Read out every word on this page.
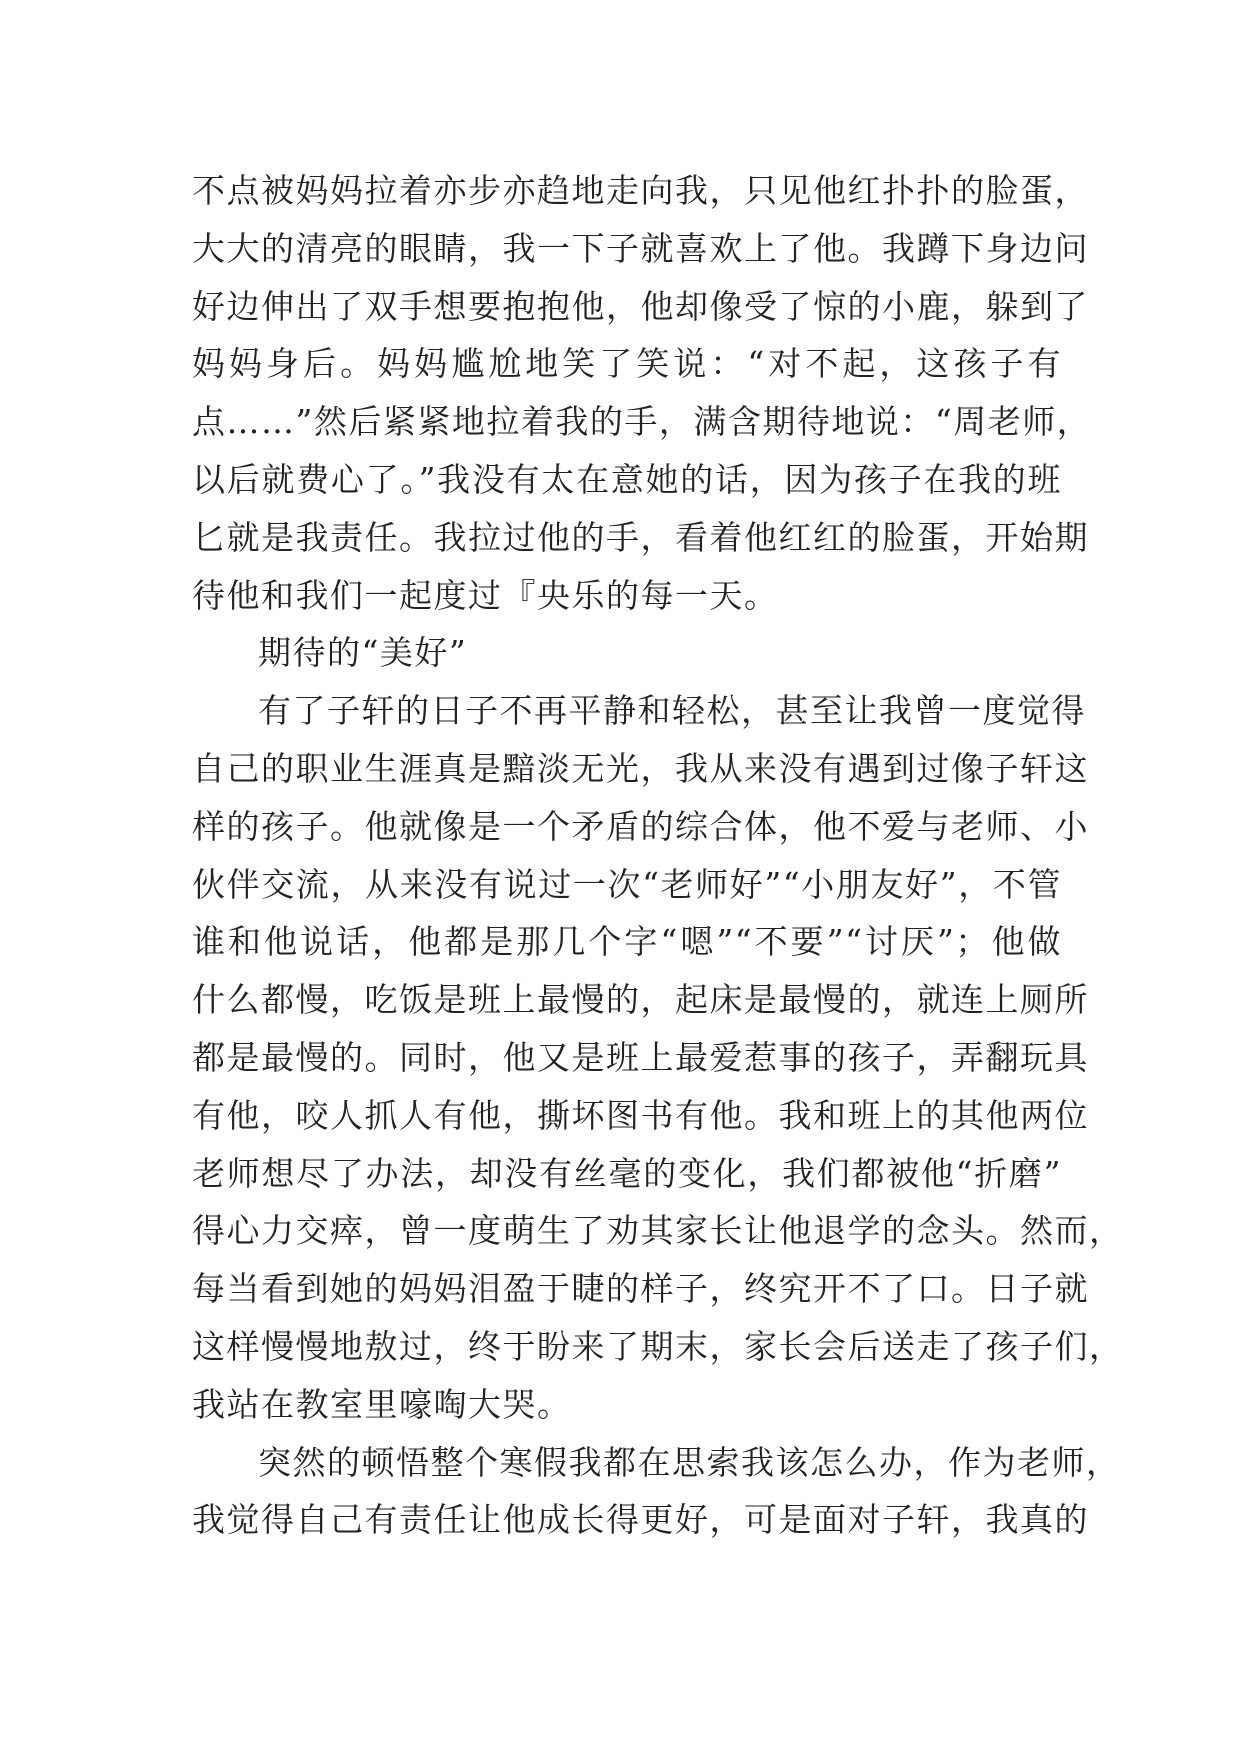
不点被妈妈拉着亦步亦趋地走向我，只见他红扑扑的脸蛋，
大大的清亮的眼睛，我一下子就喜欢上了他。我蹲下身边问
好边伸出了双手想要抱抱他，他却像受了惊的小鹿，躲到了
妈妈身后。妈妈尴尬地笑了笑说：“对不起，这孩子有
点……”然后紧紧地拉着我的手，满含期待地说：“周老师，
以后就费心了。”我没有太在意她的话，因为孩子在我的班
匕就是我责任。我拉过他的手，看着他红红的脸蛋，开始期
待他和我们一起度过『央乐的每一天。
期待的“美好”
有了子轩的日子不再平静和轻松，甚至让我曾一度觉得
自己的职业生涯真是黯淡无光，我从来没有遇到过像子轩这
样的孩子。他就像是一个矛盾的综合体，他不爱与老师、小
伙伴交流，从来没有说过一次“老师好”“小朋友好”，不管
谁和他说话，他都是那几个字“嗯”“不要”“讨厌”；他做
什么都慢，吃饭是班上最慢的，起床是最慢的，就连上厕所
都是最慢的。同时，他又是班上最爱惹事的孩子，弄翻玩具
有他，咬人抓人有他，撕坏图书有他。我和班上的其他两位
老师想尽了办法，却没有丝毫的变化，我们都被他“折磨”
得心力交瘁，曾一度萌生了劝其家长让他退学的念头。然而，
每当看到她的妈妈泪盈于睫的样子，终究开不了口。日子就
这样慢慢地敖过，终于盼来了期末，家长会后送走了孩子们，
我站在教室里嚎啕大哭。
突然的顿悟整个寒假我都在思索我该怎么办，作为老师，
我觉得自己有责任让他成长得更好，可是面对子轩，我真的
